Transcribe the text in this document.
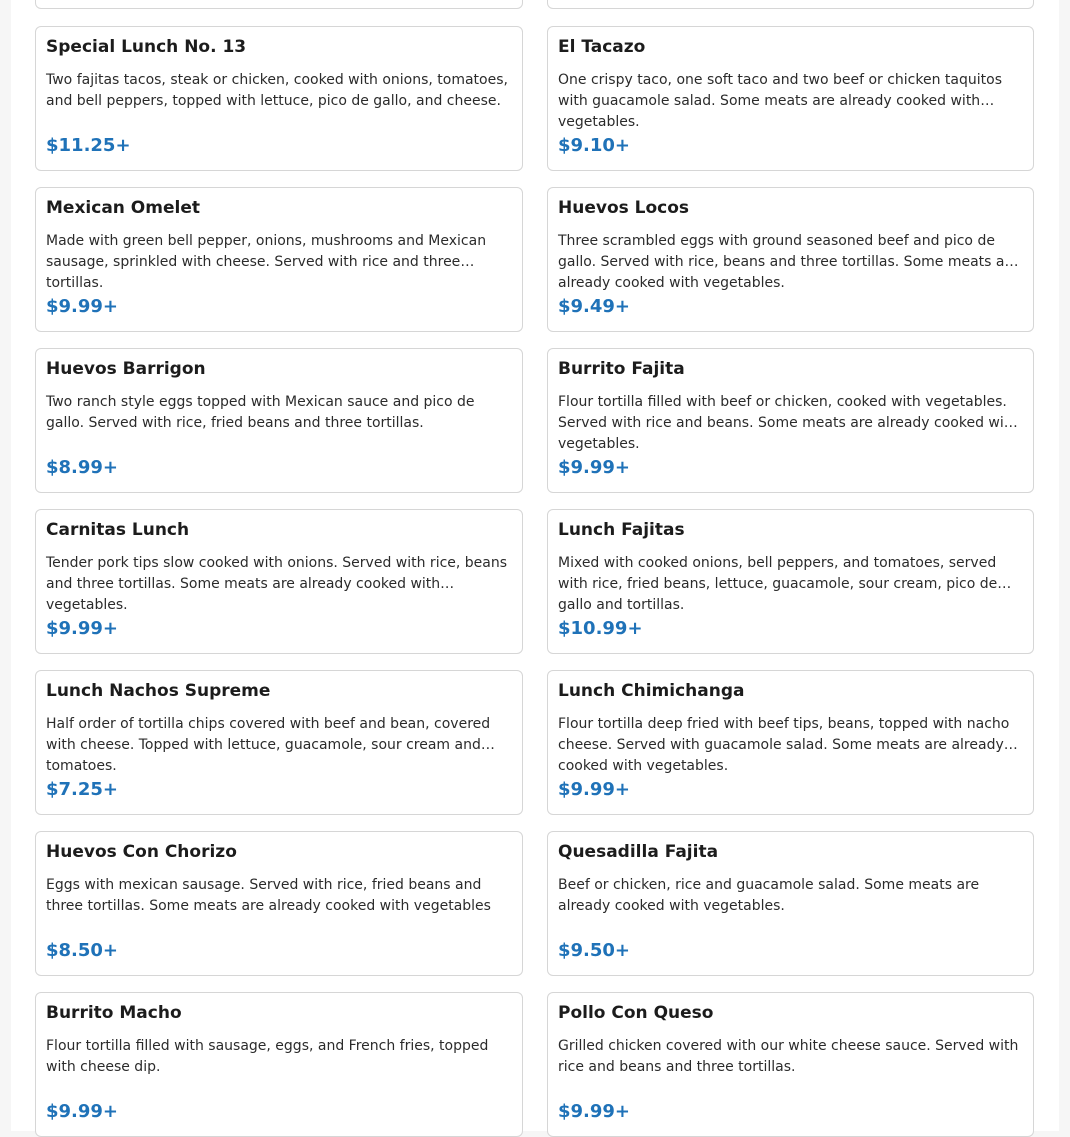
Special Lunch No. 13
Two fajitas tacos, steak or chicken, cooked with onions, tomatoes, and bell peppers, topped with lettuce, pico de gallo, and cheese.
$11.25+
El Tacazo
One crispy taco, one soft taco and two beef or chicken taquitos with guacamole salad. Some meats are already cooked with vegetables.
$9.10+
Mexican Omelet
Made with green bell pepper, onions, mushrooms and Mexican sausage, sprinkled with cheese. Served with rice and three tortillas.
$9.99+
Huevos Locos
Three scrambled eggs with ground seasoned beef and pico de gallo. Served with rice, beans and three tortillas. Some meats are already cooked with vegetables.
$9.49+
Huevos Barrigon
Two ranch style eggs topped with Mexican sauce and pico de gallo. Served with rice, fried beans and three tortillas.
$8.99+
Burrito Fajita
Flour tortilla filled with beef or chicken, cooked with vegetables. Served with rice and beans. Some meats are already cooked with vegetables.
$9.99+
Carnitas Lunch
Tender pork tips slow cooked with onions. Served with rice, beans and three tortillas. Some meats are already cooked with vegetables.
$9.99+
Lunch Fajitas
Mixed with cooked onions, bell peppers, and tomatoes, served with rice, fried beans, lettuce, guacamole, sour cream, pico de gallo and tortillas.
$10.99+
Lunch Nachos Supreme
Half order of tortilla chips covered with beef and bean, covered with cheese. Topped with lettuce, guacamole, sour cream and tomatoes.
$7.25+
Lunch Chimichanga
Flour tortilla deep fried with beef tips, beans, topped with nacho cheese. Served with guacamole salad. Some meats are already cooked with vegetables.
$9.99+
Huevos Con Chorizo
Eggs with mexican sausage. Served with rice, fried beans and three tortillas. Some meats are already cooked with vegetables
$8.50+
Quesadilla Fajita
Beef or chicken, rice and guacamole salad. Some meats are already cooked with vegetables.
$9.50+
Burrito Macho
Flour tortilla filled with sausage, eggs, and French fries, topped with cheese dip.
$9.99+
Pollo Con Queso
Grilled chicken covered with our white cheese sauce. Served with rice and beans and three tortillas.
$9.99+
